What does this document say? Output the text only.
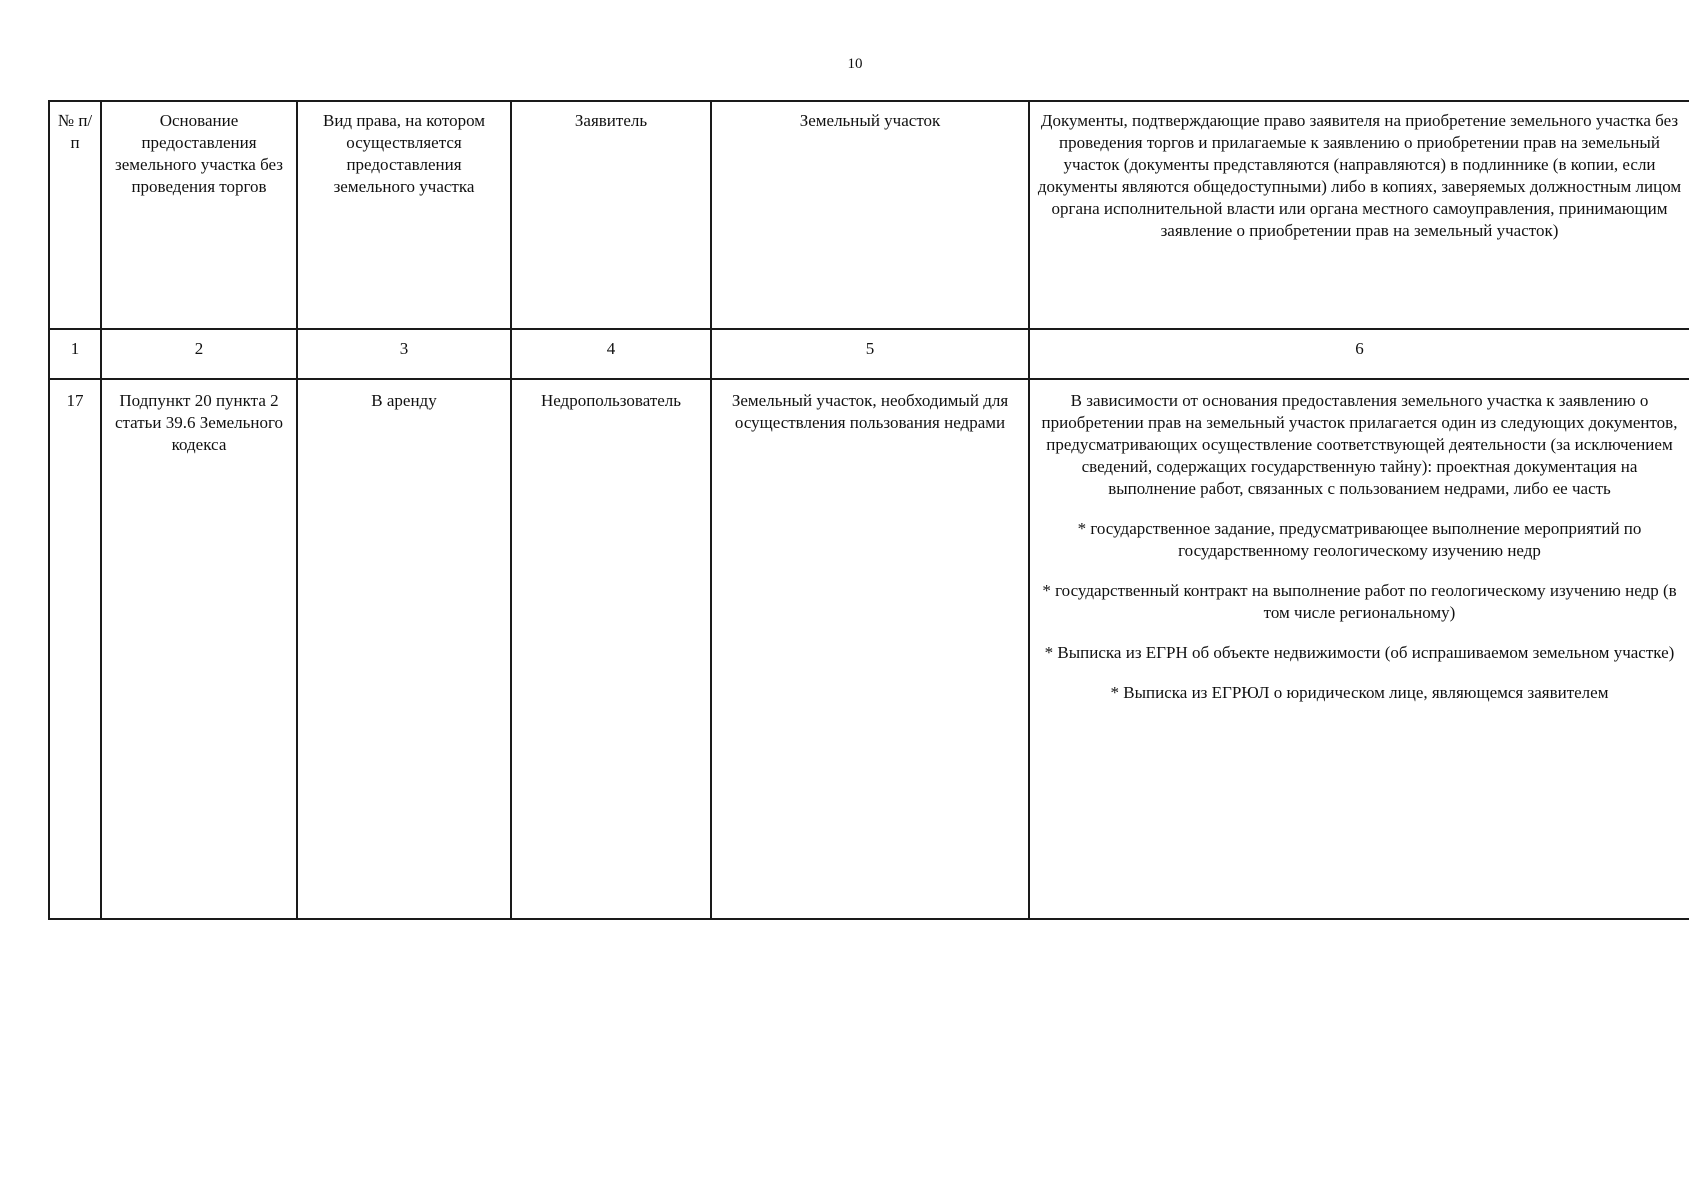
10
№ п/п	Основание предоставления земельного участка без проведения торгов	Вид права, на котором осуществляется предоставления земельного участка	Заявитель	Земельный участок	Документы, подтверждающие право заявителя на приобретение земельного участка без проведения торгов и прилагаемые к заявлению о приобретении прав на земельный участок (документы представляются (направляются) в подлиннике (в копии, если документы являются общедоступными) либо в копиях, заверяемых должностным лицом органа исполнительной власти или органа местного самоуправления, принимающим заявление о приобретении прав на земельный участок)
1	2	3	4	5	6
17	Подпункт 20 пункта 2 статьи 39.6 Земельного кодекса	В аренду	Недропользователь	Земельный участок, необходимый для осуществления пользования недрами	В зависимости от основания предоставления земельного участка к заявлению о приобретении прав на земельный участок прилагается один из следующих документов, предусматривающих осуществление соответствующей деятельности (за исключением сведений, содержащих государственную тайну): проектная документация на выполнение работ, связанных с пользованием недрами, либо ее часть
* государственное задание, предусматривающее выполнение мероприятий по государственному геологическому изучению недр
* государственный контракт на выполнение работ по геологическому изучению недр (в том числе региональному)
* Выписка из ЕГРН об объекте недвижимости (об испрашиваемом земельном участке)
* Выписка из ЕГРЮЛ о юридическом лице, являющемся заявителем
